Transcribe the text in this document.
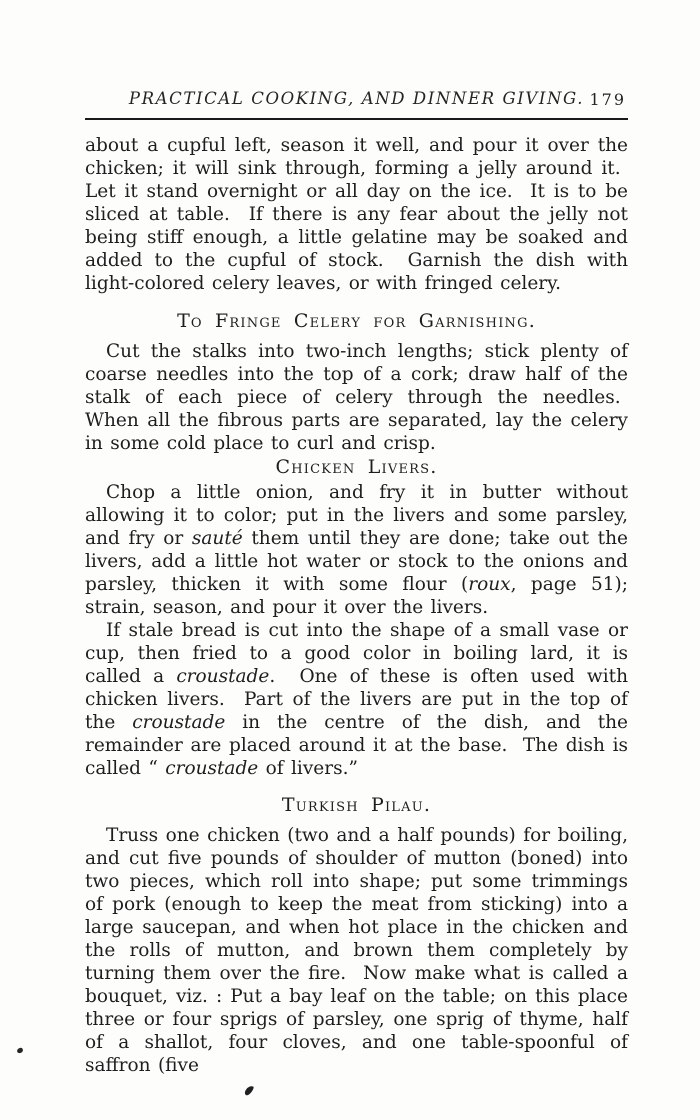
PRACTICAL COOKING, AND DINNER GIVING. 179

about a cupful left, season it well, and pour it over the chicken; it will sink through, forming a jelly around it.  Let it stand overnight or all day on the ice.  It is to be sliced at table.  If there is any fear about the jelly not being stiff enough, a little gelatine may be soaked and added to the cupful of stock.  Garnish the dish with light-colored celery leaves, or with fringed celery.

To Fringe Celery for Garnishing.

Cut the stalks into two-inch lengths; stick plenty of coarse needles into the top of a cork; draw half of the stalk of each piece of celery through the needles.  When all the fibrous parts are separated, lay the celery in some cold place to curl and crisp.

Chicken Livers.

Chop a little onion, and fry it in butter without allowing it to color; put in the livers and some parsley, and fry or sauté them until they are done; take out the livers, add a little hot water or stock to the onions and parsley, thicken it with some flour (roux, page 51); strain, season, and pour it over the livers.

If stale bread is cut into the shape of a small vase or cup, then fried to a good color in boiling lard, it is called a croustade.  One of these is often used with chicken livers.  Part of the livers are put in the top of the croustade in the centre of the dish, and the remainder are placed around it at the base.  The dish is called “ croustade of livers.”

Turkish Pilau.

Truss one chicken (two and a half pounds) for boiling, and cut five pounds of shoulder of mutton (boned) into two pieces, which roll into shape; put some trimmings of pork (enough to keep the meat from sticking) into a large saucepan, and when hot place in the chicken and the rolls of mutton, and brown them completely by turning them over the fire.  Now make what is called a bouquet, viz. : Put a bay leaf on the table; on this place three or four sprigs of parsley, one sprig of thyme, half of a shallot, four cloves, and one table-spoonful of saffron (five
